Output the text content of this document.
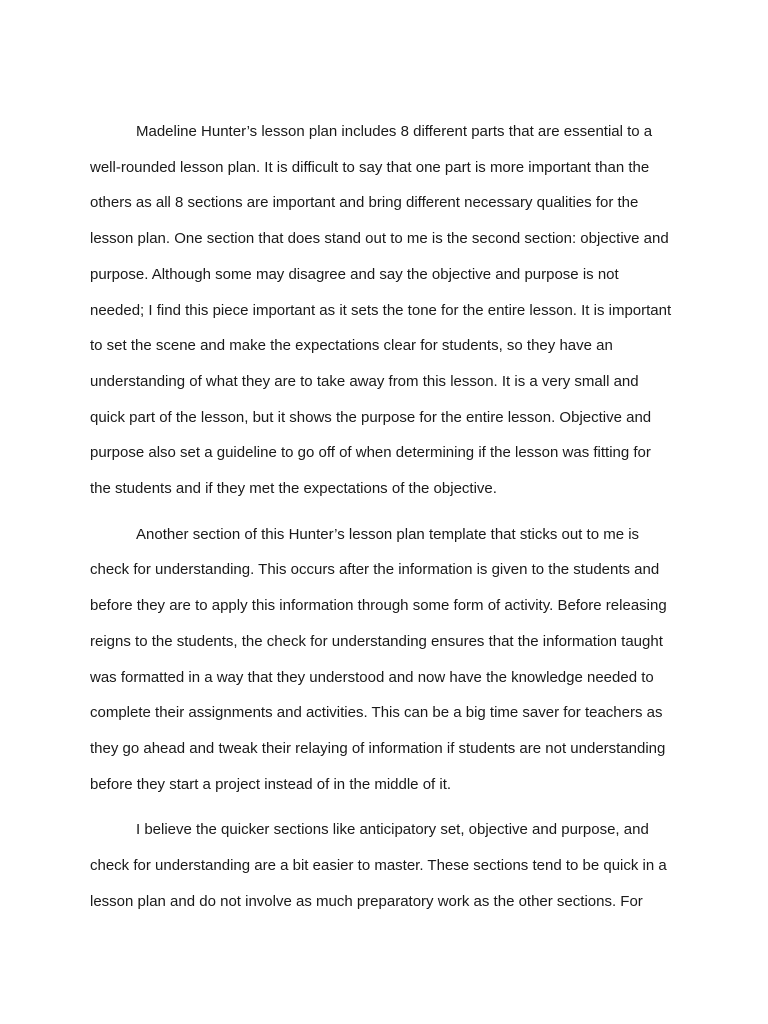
Madeline Hunter’s lesson plan includes 8 different parts that are essential to a
well-rounded lesson plan. It is difficult to say that one part is more important than the
others as all 8 sections are important and bring different necessary qualities for the
lesson plan. One section that does stand out to me is the second section: objective and
purpose. Although some may disagree and say the objective and purpose is not
needed; I find this piece important as it sets the tone for the entire lesson. It is important
to set the scene and make the expectations clear for students, so they have an
understanding of what they are to take away from this lesson. It is a very small and
quick part of the lesson, but it shows the purpose for the entire lesson. Objective and
purpose also set a guideline to go off of when determining if the lesson was fitting for
the students and if they met the expectations of the objective.

Another section of this Hunter’s lesson plan template that sticks out to me is
check for understanding. This occurs after the information is given to the students and
before they are to apply this information through some form of activity. Before releasing
reigns to the students, the check for understanding ensures that the information taught
was formatted in a way that they understood and now have the knowledge needed to
complete their assignments and activities. This can be a big time saver for teachers as
they go ahead and tweak their relaying of information if students are not understanding
before they start a project instead of in the middle of it.

I believe the quicker sections like anticipatory set, objective and purpose, and
check for understanding are a bit easier to master. These sections tend to be quick in a
lesson plan and do not involve as much preparatory work as the other sections. For
